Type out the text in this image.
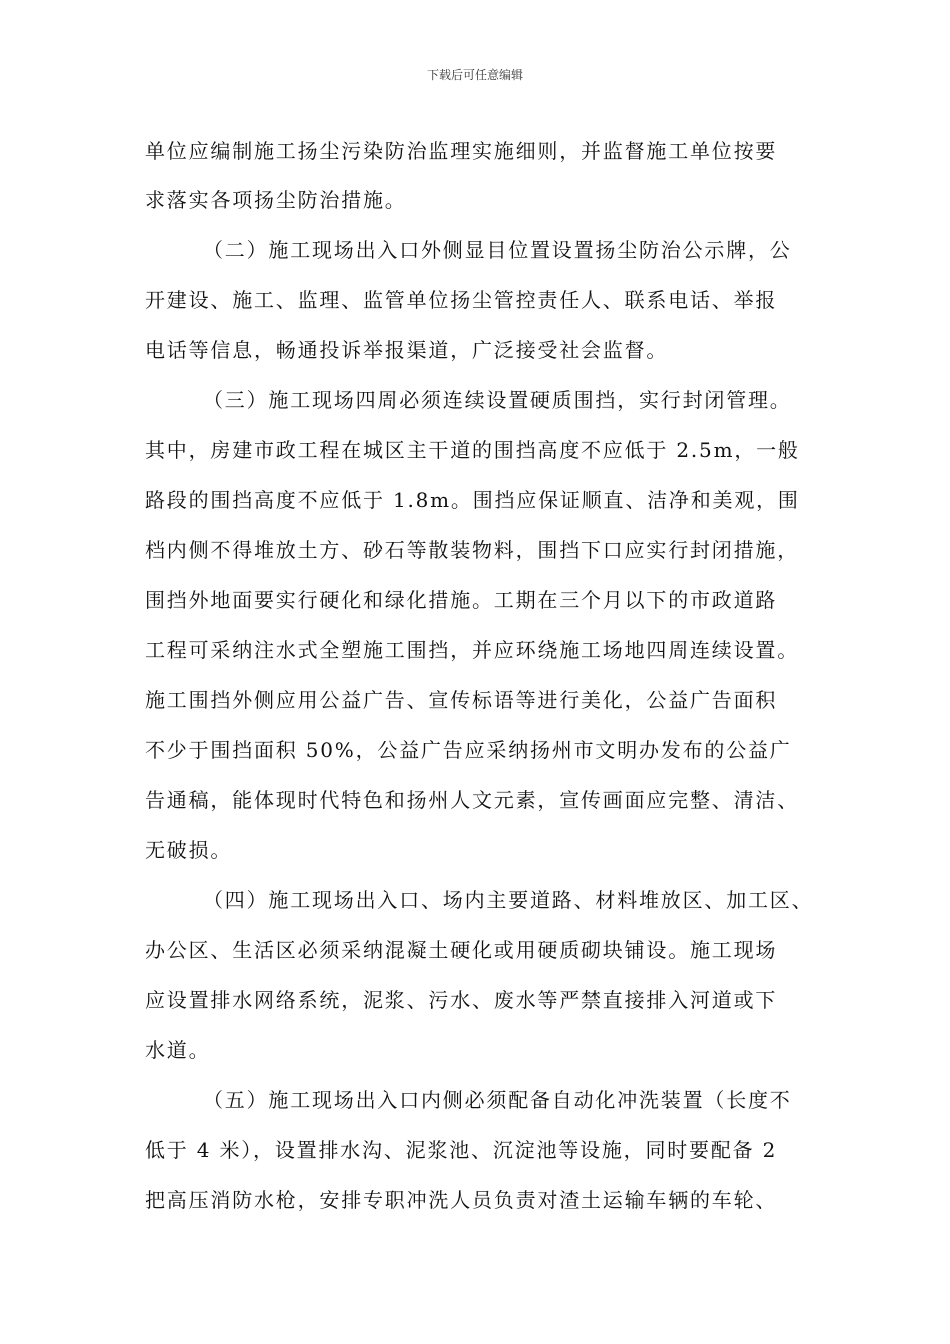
下载后可任意编辑
单位应编制施工扬尘污染防治监理实施细则，并监督施工单位按要
求落实各项扬尘防治措施。
（二）施工现场出入口外侧显目位置设置扬尘防治公示牌，公
开建设、施工、监理、监管单位扬尘管控责任人、联系电话、举报
电话等信息，畅通投诉举报渠道，广泛接受社会监督。
（三）施工现场四周必须连续设置硬质围挡，实行封闭管理。
其中，房建市政工程在城区主干道的围挡高度不应低于 2.5m，一般
路段的围挡高度不应低于 1.8m。围挡应保证顺直、洁净和美观，围
档内侧不得堆放土方、砂石等散装物料，围挡下口应实行封闭措施，
围挡外地面要实行硬化和绿化措施。工期在三个月以下的市政道路
工程可采纳注水式全塑施工围挡，并应环绕施工场地四周连续设置。
施工围挡外侧应用公益广告、宣传标语等进行美化，公益广告面积
不少于围挡面积 50%，公益广告应采纳扬州市文明办发布的公益广
告通稿，能体现时代特色和扬州人文元素，宣传画面应完整、清洁、
无破损。
（四）施工现场出入口、场内主要道路、材料堆放区、加工区、
办公区、生活区必须采纳混凝土硬化或用硬质砌块铺设。施工现场
应设置排水网络系统，泥浆、污水、废水等严禁直接排入河道或下
水道。
（五）施工现场出入口内侧必须配备自动化冲洗装置（长度不
低于 4 米），设置排水沟、泥浆池、沉淀池等设施，同时要配备 2
把高压消防水枪，安排专职冲洗人员负责对渣土运输车辆的车轮、
